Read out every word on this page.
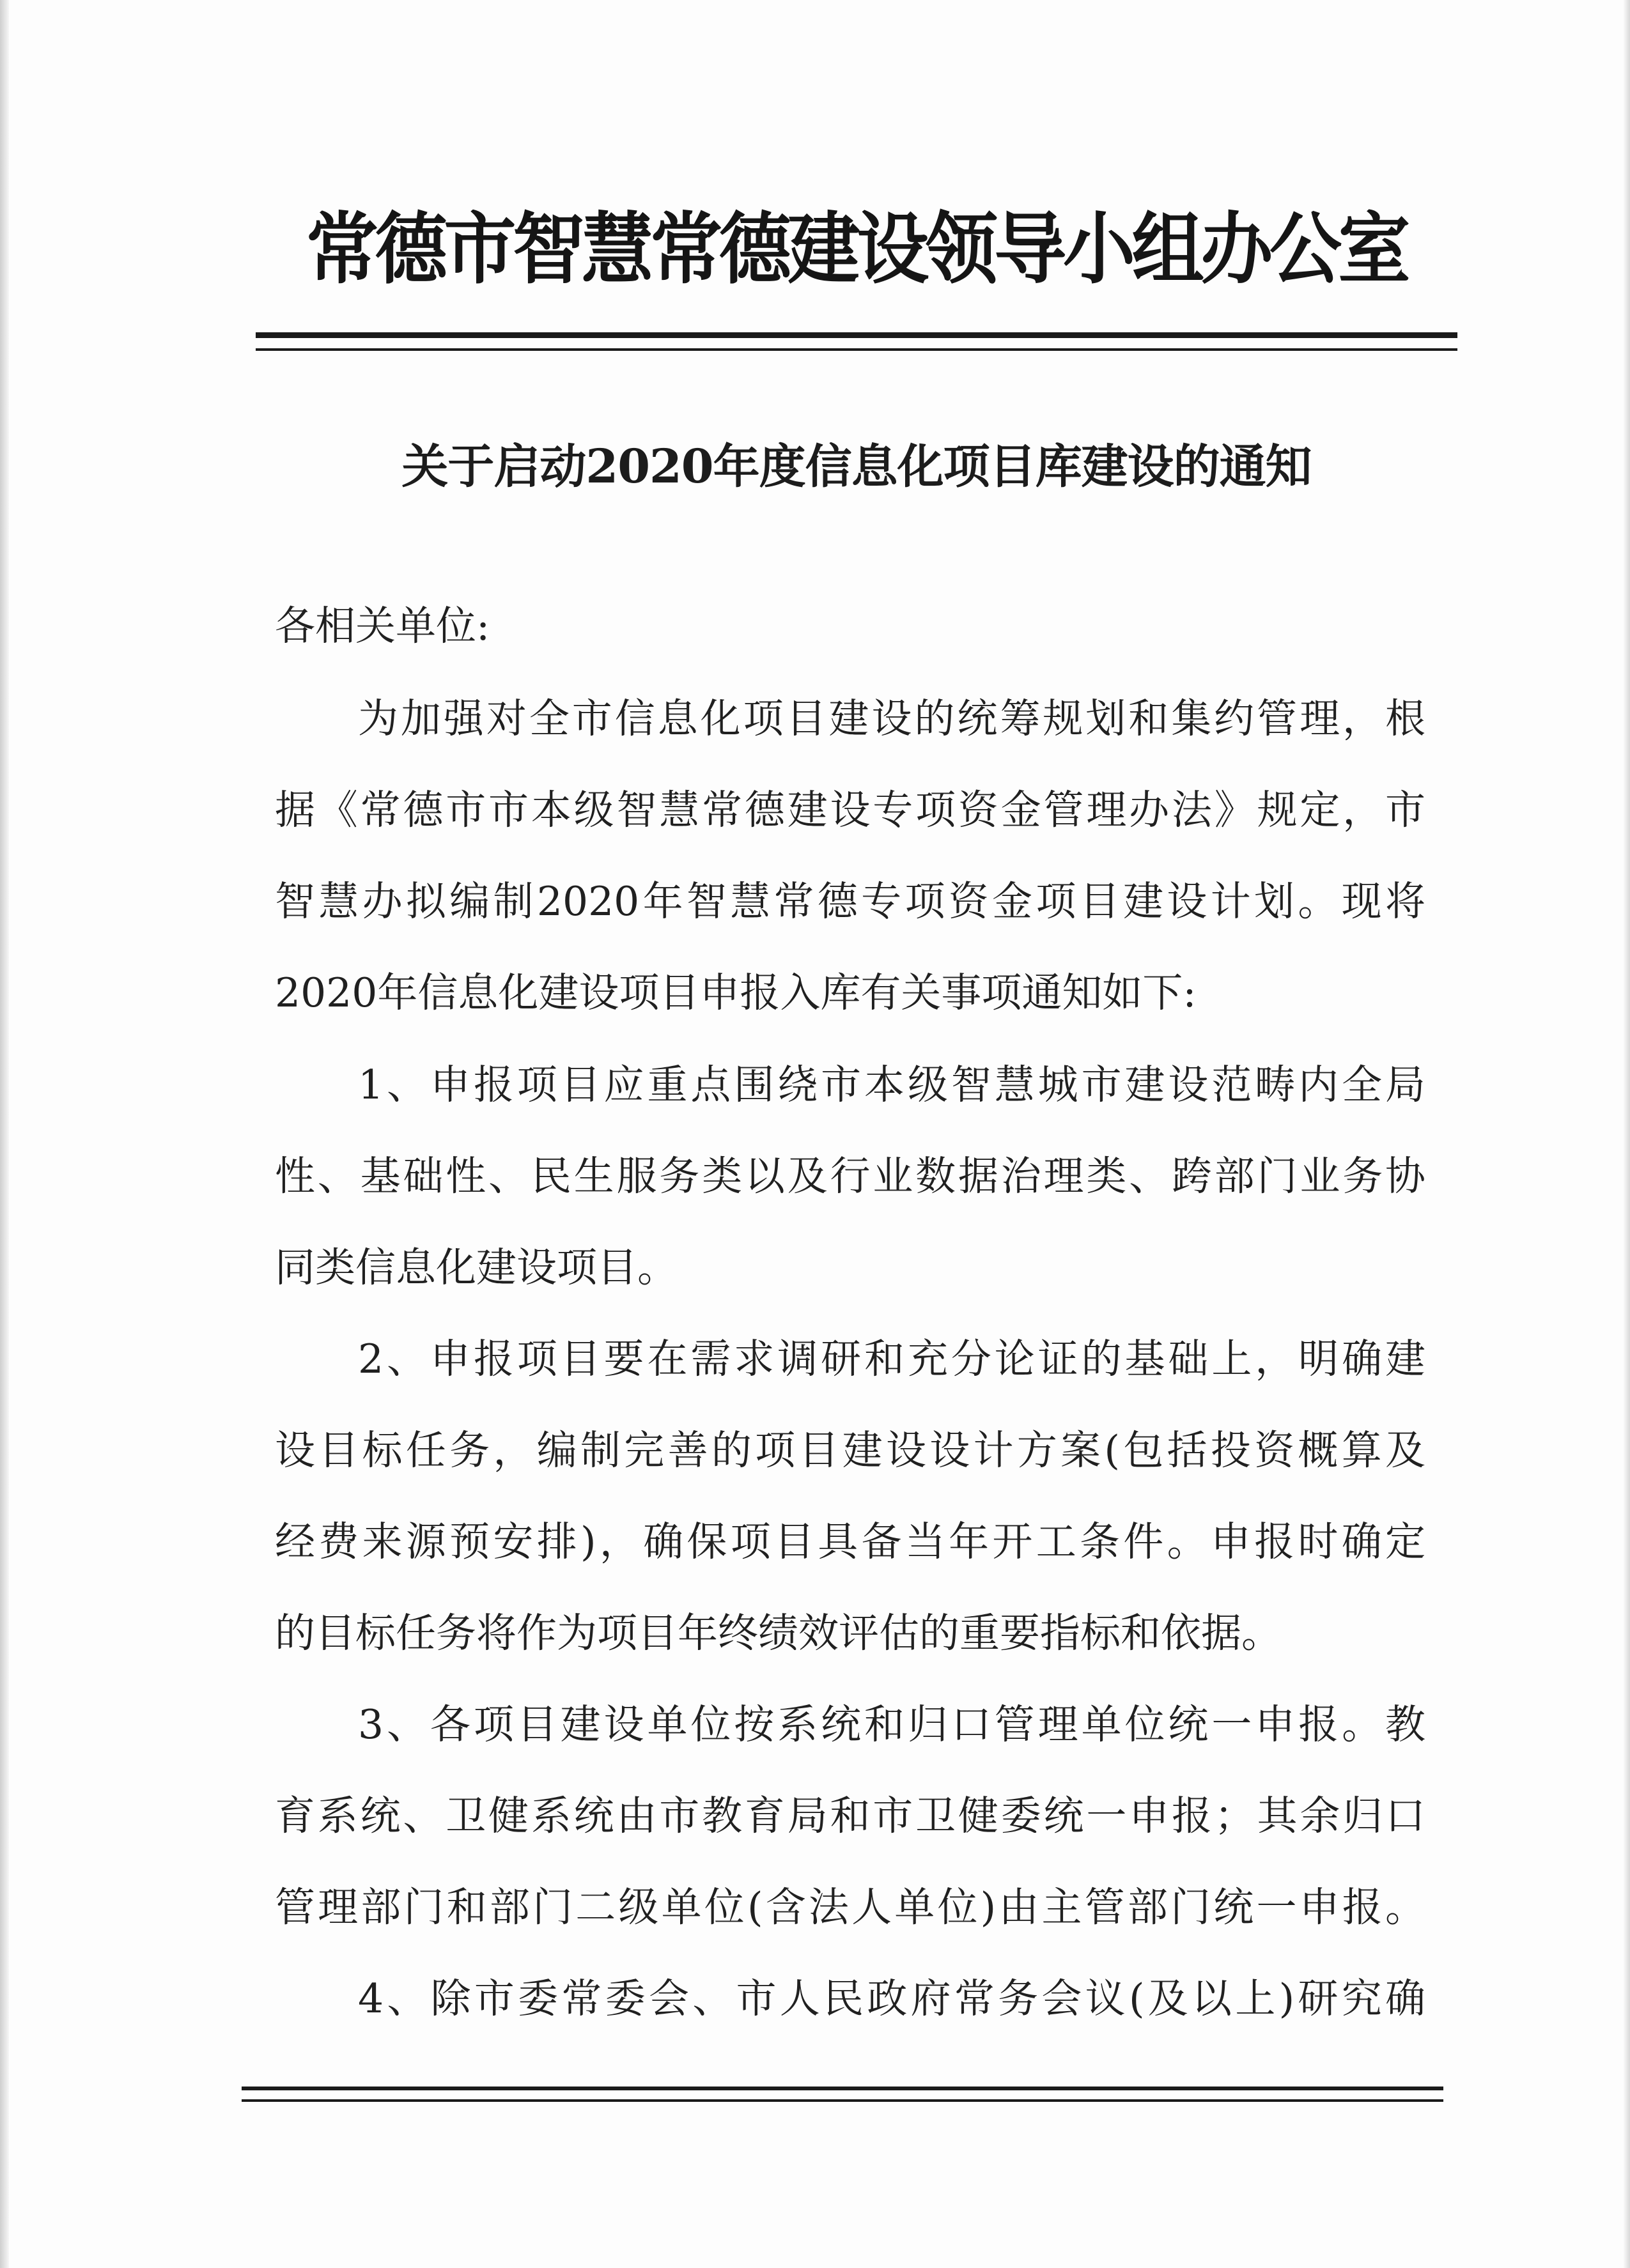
常德市智慧常德建设领导小组办公室
关于启动2020年度信息化项目库建设的通知
各相关单位:
为加强对全市信息化项目建设的统筹规划和集约管理，根
据《常德市市本级智慧常德建设专项资金管理办法》规定，市
智慧办拟编制2020年智慧常德专项资金项目建设计划。现将
2020年信息化建设项目申报入库有关事项通知如下:
1、申报项目应重点围绕市本级智慧城市建设范畴内全局
性、基础性、民生服务类以及行业数据治理类、跨部门业务协
同类信息化建设项目。
2、申报项目要在需求调研和充分论证的基础上，明确建
设目标任务，编制完善的项目建设设计方案(包括投资概算及
经费来源预安排)，确保项目具备当年开工条件。申报时确定
的目标任务将作为项目年终绩效评估的重要指标和依据。
3、各项目建设单位按系统和归口管理单位统一申报。教
育系统、卫健系统由市教育局和市卫健委统一申报；其余归口
管理部门和部门二级单位(含法人单位)由主管部门统一申报。
4、除市委常委会、市人民政府常务会议(及以上)研究确
